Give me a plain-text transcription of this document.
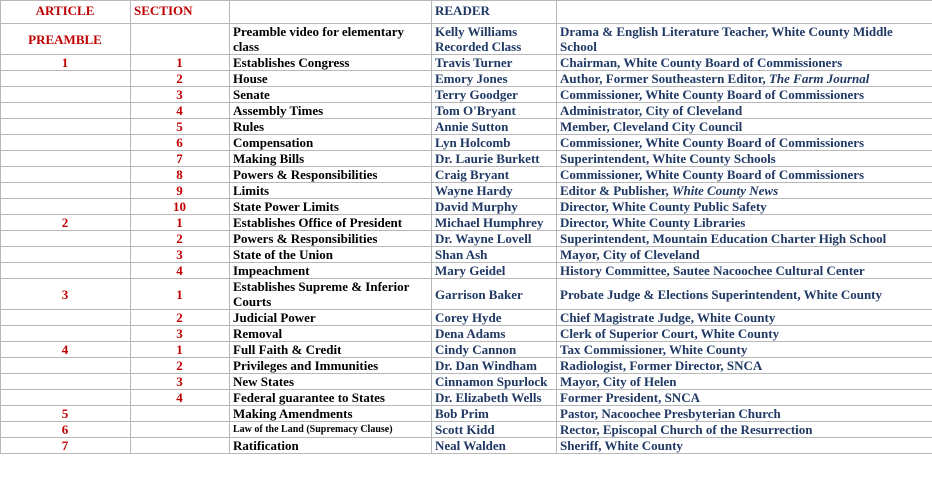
ARTICLE	SECTION		READER	
PREAMBLE		Preamble video for elementary class	Kelly Williams Recorded Class	Drama & English Literature Teacher, White County Middle School
1	1	Establishes Congress	Travis Turner	Chairman, White County Board of Commissioners
	2	House	Emory Jones	Author, Former Southeastern Editor, The Farm Journal
	3	Senate	Terry Goodger	Commissioner, White County Board of Commissioners
	4	Assembly Times	Tom O'Bryant	Administrator, City of Cleveland
	5	Rules	Annie Sutton	Member, Cleveland City Council
	6	Compensation	Lyn Holcomb	Commissioner, White County Board of Commissioners
	7	Making Bills	Dr. Laurie Burkett	Superintendent, White County Schools
	8	Powers & Responsibilities	Craig Bryant	Commissioner, White County Board of Commissioners
	9	Limits	Wayne Hardy	Editor & Publisher, White County News
	10	State Power Limits	David Murphy	Director, White County Public Safety
2	1	Establishes Office of President	Michael Humphrey	Director, White County Libraries
	2	Powers & Responsibilities	Dr. Wayne Lovell	Superintendent, Mountain Education Charter High School
	3	State of the Union	Shan Ash	Mayor, City of Cleveland
	4	Impeachment	Mary Geidel	History Committee, Sautee Nacoochee Cultural Center
3	1	Establishes Supreme & Inferior Courts	Garrison Baker	Probate Judge & Elections Superintendent, White County
	2	Judicial Power	Corey Hyde	Chief Magistrate Judge, White County
	3	Removal	Dena Adams	Clerk of Superior Court, White County
4	1	Full Faith & Credit	Cindy Cannon	Tax Commissioner, White County
	2	Privileges and Immunities	Dr. Dan Windham	Radiologist, Former Director, SNCA
	3	New States	Cinnamon Spurlock	Mayor, City of Helen
	4	Federal guarantee to States	Dr. Elizabeth Wells	Former President, SNCA
5		Making Amendments	Bob Prim	Pastor, Nacoochee Presbyterian Church
6		Law of the Land (Supremacy Clause)	Scott Kidd	Rector, Episcopal Church of the Resurrection
7		Ratification	Neal Walden	Sheriff, White County
